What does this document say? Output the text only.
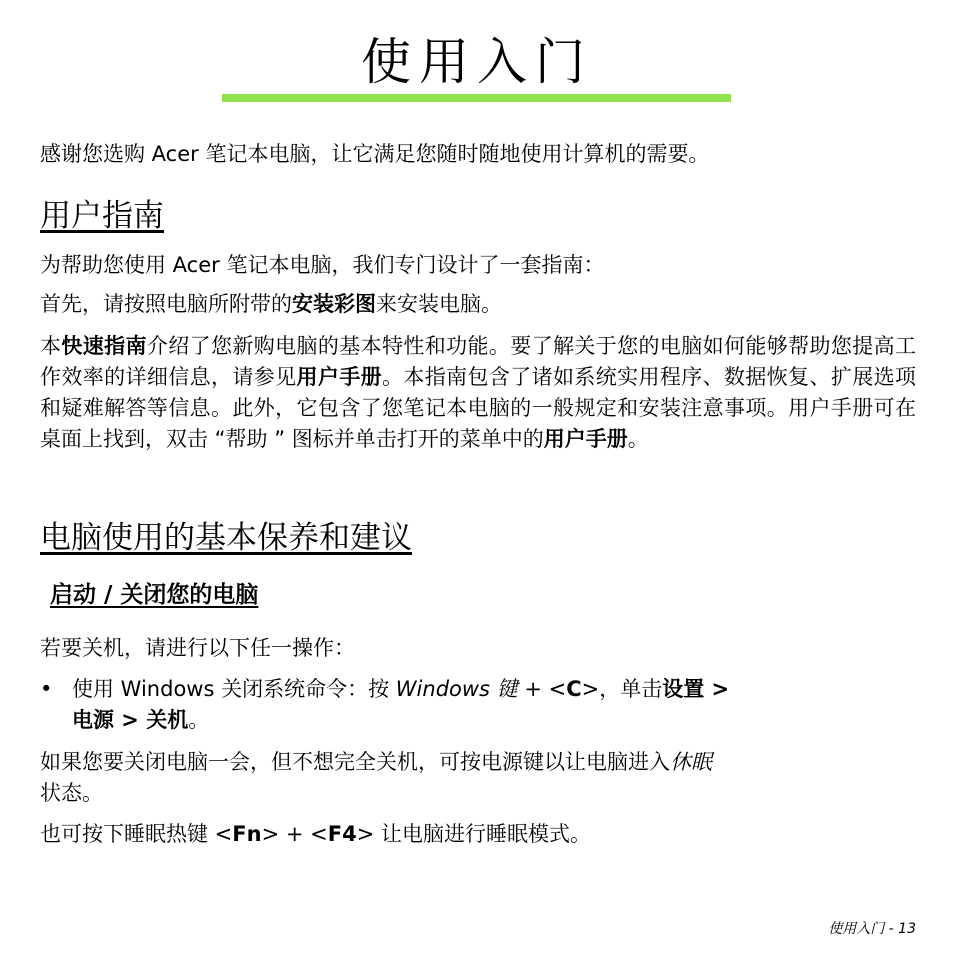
使用入门
感谢您选购 Acer 笔记本电脑，让它满足您随时随地使用计算机的需要。
用户指南
为帮助您使用 Acer 笔记本电脑，我们专门设计了一套指南：
首先，请按照电脑所附带的安装彩图来安装电脑。
本快速指南介绍了您新购电脑的基本特性和功能。要了解关于您的电脑如何能够帮助您提高工作效率的详细信息，请参见用户手册。本指南包含了诸如系统实用程序、数据恢复、扩展选项和疑难解答等信息。此外，它包含了您笔记本电脑的一般规定和安装注意事项。用户手册可在桌面上找到，双击 “帮助 ” 图标并单击打开的菜单中的用户手册。
电脑使用的基本保养和建议
启动 / 关闭您的电脑
若要关机，请进行以下任一操作：
• 使用 Windows 关闭系统命令：按 Windows 键 + <C>，单击设置 >
电源 > 关机。
如果您要关闭电脑一会，但不想完全关机，可按电源键以让电脑进入休眠
状态。
也可按下睡眠热键 <Fn> + <F4> 让电脑进行睡眠模式。
使用入门 - 13
